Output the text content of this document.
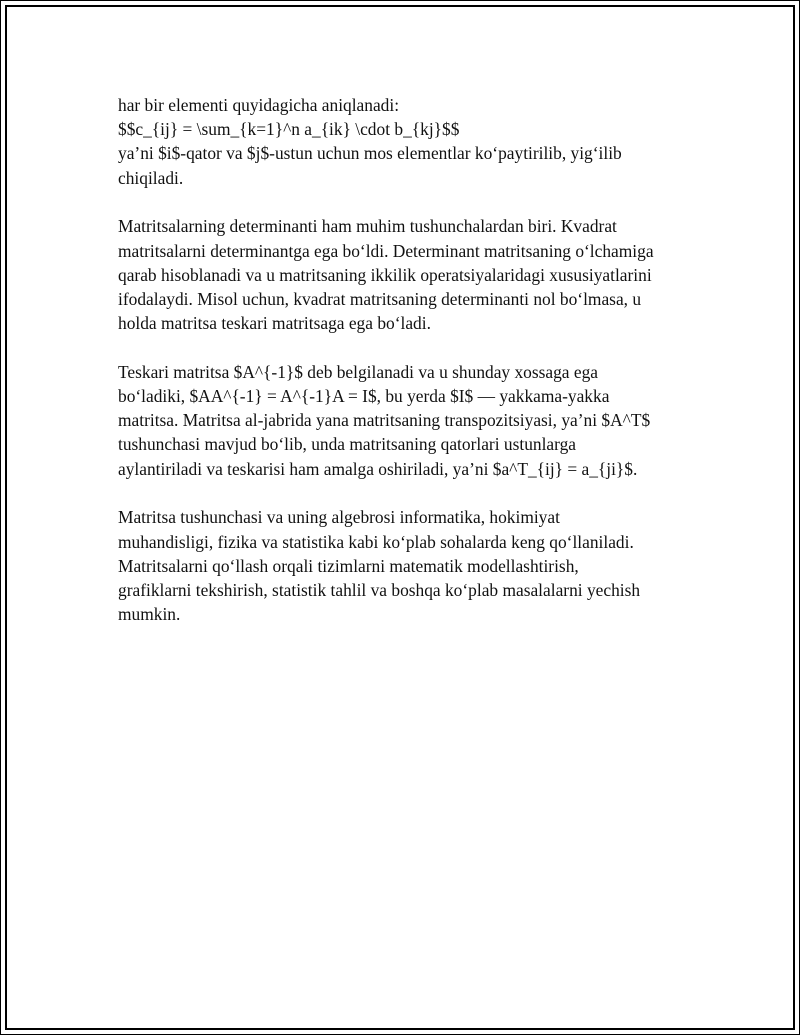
har bir elementi quyidagicha aniqlanadi:

$$c_{ij} = \sum_{k=1}^n a_{ik} \cdot b_{kj}$$

ya’ni $i$-qator va $j$-ustun uchun mos elementlar ko‘paytirilib, yig‘ilib

chiqiladi.

Matritsalarning determinanti ham muhim tushunchalardan biri. Kvadrat

matritsalarni determinantga ega bo‘ldi. Determinant matritsaning o‘lchamiga

qarab hisoblanadi va u matritsaning ikkilik operatsiyalaridagi xususiyatlarini

ifodalaydi. Misol uchun, kvadrat matritsaning determinanti nol bo‘lmasa, u

holda matritsa teskari matritsaga ega bo‘ladi.

Teskari matritsa $A^{-1}$ deb belgilanadi va u shunday xossaga ega

bo‘ladiki, $AA^{-1} = A^{-1}A = I$, bu yerda $I$ — yakkama-yakka

matritsa. Matritsa al-jabrida yana matritsaning transpozitsiyasi, ya’ni $A^T$

tushunchasi mavjud bo‘lib, unda matritsaning qatorlari ustunlarga

aylantiriladi va teskarisi ham amalga oshiriladi, ya’ni $a^T_{ij} = a_{ji}$.

Matritsa tushunchasi va uning algebrosi informatika, hokimiyat

muhandisligi, fizika va statistika kabi ko‘plab sohalarda keng qo‘llaniladi.

Matritsalarni qo‘llash orqali tizimlarni matematik modellashtirish,

grafiklarni tekshirish, statistik tahlil va boshqa ko‘plab masalalarni yechish

mumkin.
